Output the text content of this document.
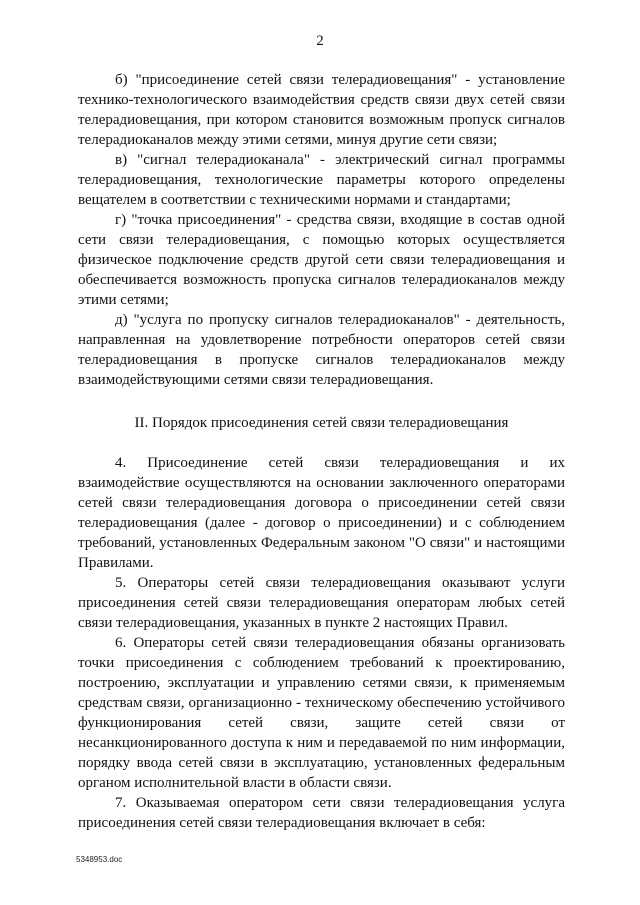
2

б) "присоединение сетей связи телерадиовещания" - установление технико-технологического взаимодействия средств связи двух сетей связи телерадиовещания, при котором становится возможным пропуск сигналов телерадиоканалов между этими сетями, минуя другие сети связи;

в) "сигнал телерадиоканала" - электрический сигнал программы телерадиовещания, технологические параметры которого определены вещателем в соответствии с техническими нормами и стандартами;

г) "точка присоединения" - средства связи, входящие в состав одной сети связи телерадиовещания, с помощью которых осуществляется физическое подключение средств другой сети связи телерадиовещания и обеспечивается возможность пропуска сигналов телерадиоканалов между этими сетями;

д) "услуга по пропуску сигналов телерадиоканалов" - деятельность, направленная на удовлетворение потребности операторов сетей связи телерадиовещания в пропуске сигналов телерадиоканалов между взаимодействующими сетями связи телерадиовещания.

II. Порядок присоединения сетей связи телерадиовещания

4. Присоединение сетей связи телерадиовещания и их взаимодействие осуществляются на основании заключенного операторами сетей связи телерадиовещания договора о присоединении сетей связи телерадиовещания (далее - договор о присоединении) и с соблюдением требований, установленных Федеральным законом "О связи" и настоящими Правилами.

5. Операторы сетей связи телерадиовещания оказывают услуги присоединения сетей связи телерадиовещания операторам любых сетей связи телерадиовещания, указанных в пункте 2 настоящих Правил.

6. Операторы сетей связи телерадиовещания обязаны организовать точки присоединения с соблюдением требований к проектированию, построению, эксплуатации и управлению сетями связи, к применяемым средствам связи, организационно - техническому обеспечению устойчивого функционирования сетей связи, защите сетей связи от несанкционированного доступа к ним и передаваемой по ним информации, порядку ввода сетей связи в эксплуатацию, установленных федеральным органом исполнительной власти в области связи.

7. Оказываемая оператором сети связи телерадиовещания услуга присоединения сетей связи телерадиовещания включает в себя:

5348953.doc
